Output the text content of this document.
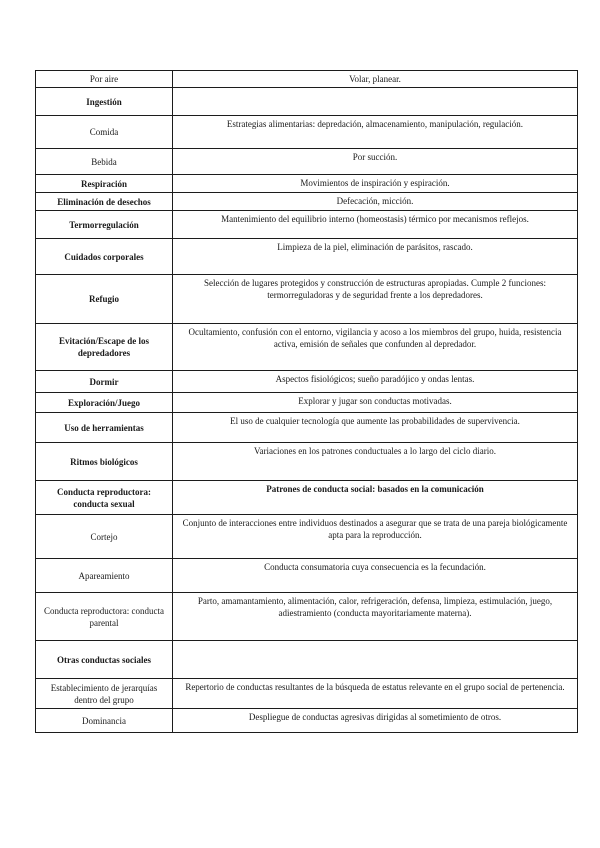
Por aire	Volar, planear.
Ingestión	
Comida	Estrategias alimentarias: depredación, almacenamiento, manipulación, regulación.
Bebida	Por succión.
Respiración	Movimientos de inspiración y espiración.
Eliminación de desechos	Defecación, micción.
Termorregulación	Mantenimiento del equilibrio interno (homeostasis) térmico por mecanismos reflejos.
Cuidados corporales	Limpieza de la piel, eliminación de parásitos, rascado.
Refugio	Selección de lugares protegidos y construcción de estructuras apropiadas. Cumple 2 funciones: termorreguladoras y de seguridad frente a los depredadores.
Evitación/Escape de los depredadores	Ocultamiento, confusión con el entorno, vigilancia y acoso a los miembros del grupo, huida, resistencia activa, emisión de señales que confunden al depredador.
Dormir	Aspectos fisiológicos; sueño paradójico y ondas lentas.
Exploración/Juego	Explorar y jugar son conductas motivadas.
Uso de herramientas	El uso de cualquier tecnología que aumente las probabilidades de supervivencia.
Ritmos biológicos	Variaciones en los patrones conductuales a lo largo del ciclo diario.
Conducta reproductora: conducta sexual	Patrones de conducta social: basados en la comunicación
Cortejo	Conjunto de interacciones entre individuos destinados a asegurar que se trata de una pareja biológicamente apta para la reproducción.
Apareamiento	Conducta consumatoria cuya consecuencia es la fecundación.
Conducta reproductora: conducta parental	Parto, amamantamiento, alimentación, calor, refrigeración, defensa, limpieza, estimulación, juego, adiestramiento (conducta mayoritariamente materna).
Otras conductas sociales	
Establecimiento de jerarquías dentro del grupo	Repertorio de conductas resultantes de la búsqueda de estatus relevante en el grupo social de pertenencia.
Dominancia	Despliegue de conductas agresivas dirigidas al sometimiento de otros.
